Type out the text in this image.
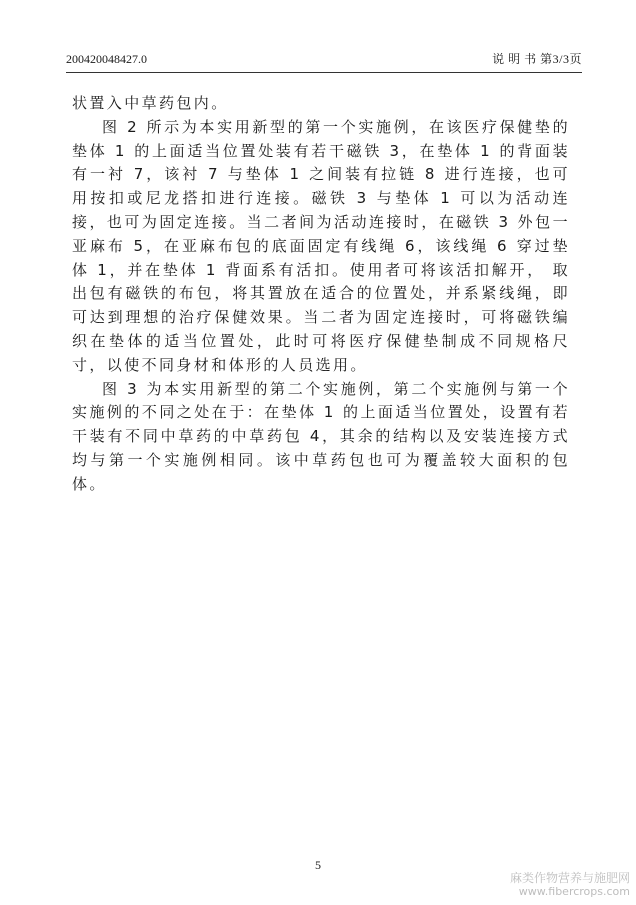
200420048427.0	说 明 书 第3/3页

状置入中草药包内。

图 2 所示为本实用新型的第一个实施例，在该医疗保健垫的垫体 1 的上面适当位置处装有若干磁铁 3，在垫体 1 的背面装有一衬 7，该衬 7 与垫体 1 之间装有拉链 8 进行连接，也可用按扣或尼龙搭扣进行连接。磁铁 3 与垫体 1 可以为活动连接，也可为固定连接。当二者间为活动连接时，在磁铁 3 外包一亚麻布 5，在亚麻布包的底面固定有线绳 6，该线绳 6 穿过垫体 1，并在垫体 1 背面系有活扣。使用者可将该活扣解开， 取出包有磁铁的布包，将其置放在适合的位置处，并系紧线绳，即可达到理想的治疗保健效果。当二者为固定连接时，可将磁铁编织在垫体的适当位置处，此时可将医疗保健垫制成不同规格尺寸，以使不同身材和体形的人员选用。

图 3 为本实用新型的第二个实施例，第二个实施例与第一个实施例的不同之处在于：在垫体 1 的上面适当位置处，设置有若干装有不同中草药的中草药包 4，其余的结构以及安装连接方式均与第一个实施例相同。该中草药包也可为覆盖较大面积的包体。

5
麻类作物营养与施肥网
www.fibercrops.com
